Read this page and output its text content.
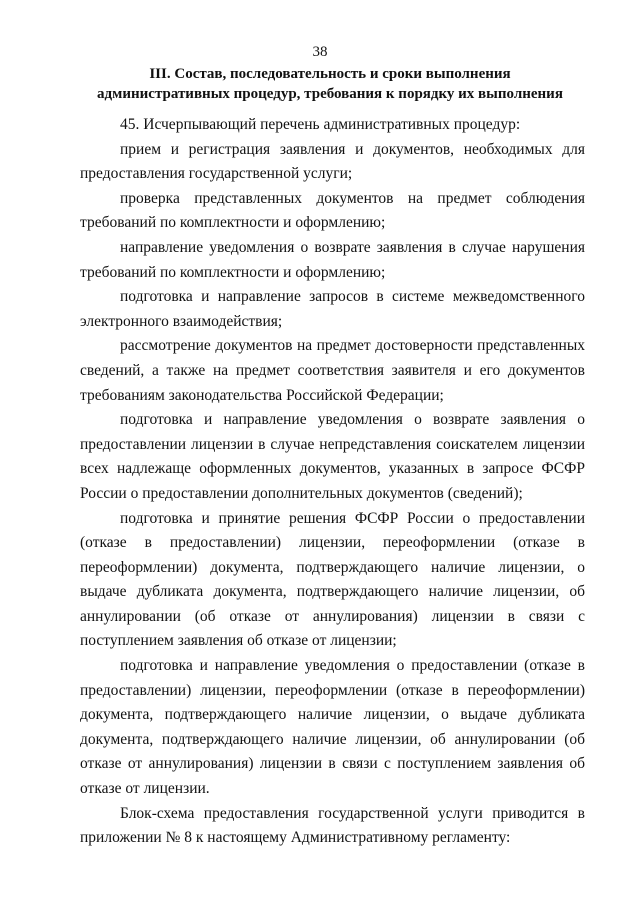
38
III. Состав, последовательность и сроки выполнения
административных процедур, требования к порядку их выполнения

45. Исчерпывающий перечень административных процедур:

прием и регистрация заявления и документов, необходимых для предоставления государственной услуги;

проверка представленных документов на предмет соблюдения требований по комплектности и оформлению;

направление уведомления о возврате заявления в случае нарушения требований по комплектности и оформлению;

подготовка и направление запросов в системе межведомственного электронного взаимодействия;

рассмотрение документов на предмет достоверности представленных сведений, а также на предмет соответствия заявителя и его документов требованиям законодательства Российской Федерации;

подготовка и направление уведомления о возврате заявления о предоставлении лицензии в случае непредставления соискателем лицензии всех надлежаще оформленных документов, указанных в запросе ФСФР России о предоставлении дополнительных документов (сведений);

подготовка и принятие решения ФСФР России о предоставлении (отказе в предоставлении) лицензии, переоформлении (отказе в переоформлении) документа, подтверждающего наличие лицензии, о выдаче дубликата документа, подтверждающего наличие лицензии, об аннулировании (об отказе от аннулирования) лицензии в связи с поступлением заявления об отказе от лицензии;

подготовка и направление уведомления о предоставлении (отказе в предоставлении) лицензии, переоформлении (отказе в переоформлении) документа, подтверждающего наличие лицензии, о выдаче дубликата документа, подтверждающего наличие лицензии, об аннулировании (об отказе от аннулирования) лицензии в связи с поступлением заявления об отказе от лицензии.

Блок-схема предоставления государственной услуги приводится в приложении № 8 к настоящему Административному регламенту:
